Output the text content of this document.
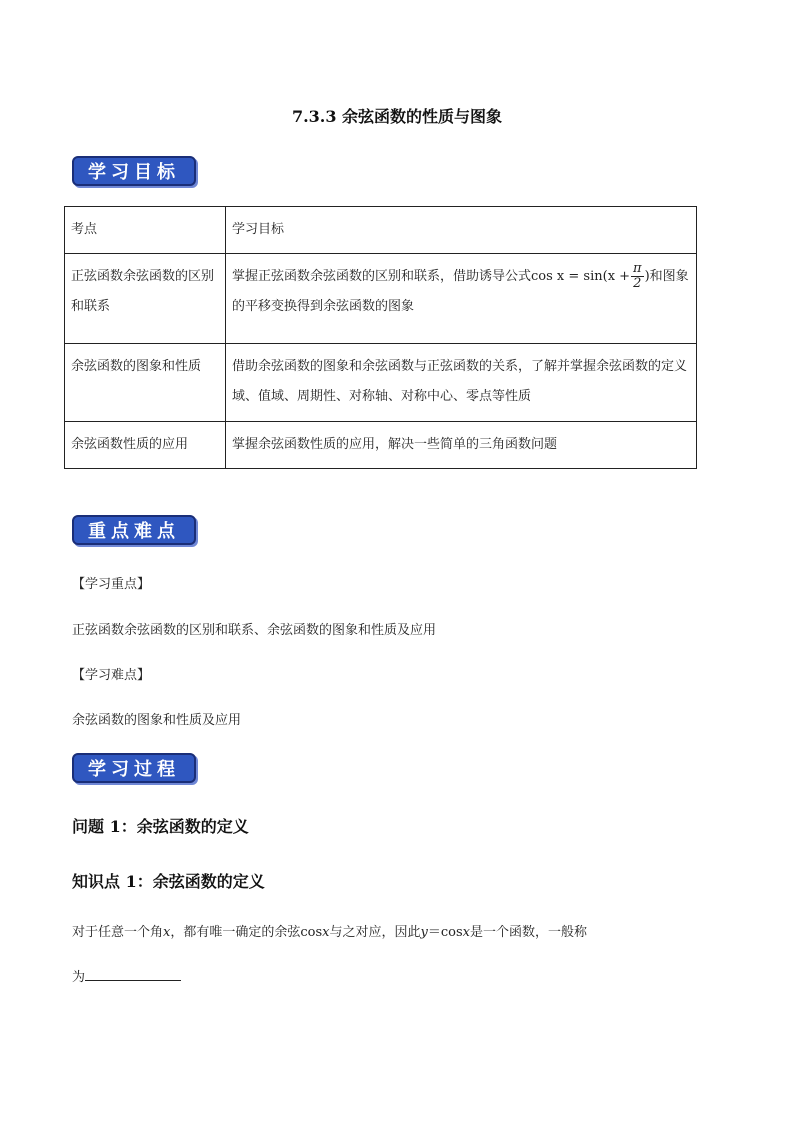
7.3.3 余弦函数的性质与图象
学习目标
考点	学习目标
正弦函数余弦函数的区别和联系	掌握正弦函数余弦函数的区别和联系，借助诱导公式$\cos x = \sin(x + \frac{\pi}{2}$ )和图象的平移变换得到余弦函数的图象
余弦函数的图象和性质	借助余弦函数的图象和余弦函数与正弦函数的关系，了解并掌握余弦函数的定义域、值域、周期性、对称轴、对称中心、零点等性质
余弦函数性质的应用	掌握余弦函数性质的应用，解决一些简单的三角函数问题
重点难点
【学习重点】
正弦函数余弦函数的区别和联系、余弦函数的图象和性质及应用
【学习难点】
余弦函数的图象和性质及应用
学习过程
问题 1：余弦函数的定义
知识点 1：余弦函数的定义
对于任意一个角x，都有唯一确定的余弦cosx与之对应，因此y＝cosx是一个函数，一般称
为
